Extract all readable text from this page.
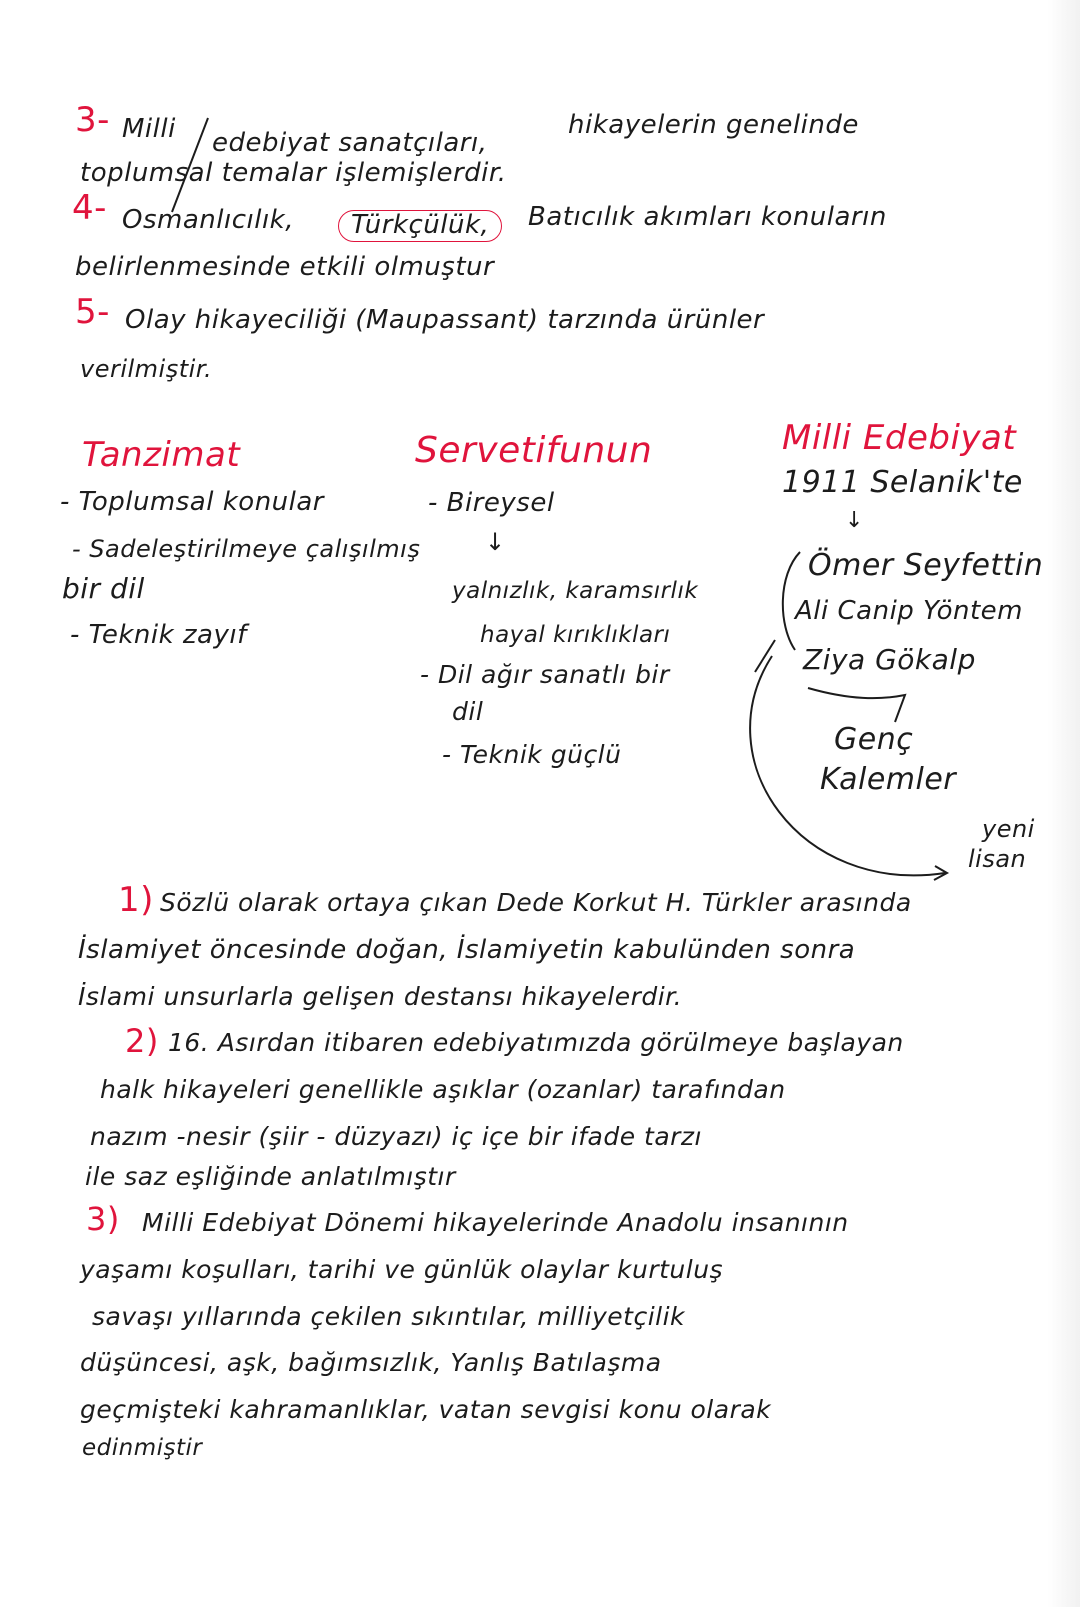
3- Milli edebiyat sanatçıları,
hikayelerin genelinde
toplumsal temalar işlemişlerdir.
4- Osmanlıcılık,	Türkçülük,	Batıcılık akımları konuların
belirlenmesinde etkili olmuştur
5- Olay hikayeciliği (Maupassant) tarzında ürünler
verilmiştir.
Tanzimat
- Toplumsal konular
- Sadeleştirilmeye çalışılmış
bir dil
- Teknik zayıf
Servetifunun
- Bireysel
↓
yalnızlık, karamsırlık
hayal kırıklıkları
- Dil ağır sanatlı bir
dil
- Teknik güçlü
Milli Edebiyat
1911 Selanik'te
↓
Ömer Seyfettin
Ali Canip Yöntem
Ziya Gökalp
Genç
Kalemler
yeni
lisan
1) Sözlü olarak ortaya çıkan Dede Korkut H. Türkler arasında
İslamiyet öncesinde doğan, İslamiyetin kabulünden sonra
İslami unsurlarla gelişen destansı hikayelerdir.
2) 16. Asırdan itibaren edebiyatımızda görülmeye başlayan
halk hikayeleri genellikle aşıklar (ozanlar) tarafından
nazım -nesir (şiir - düzyazı) iç içe bir ifade tarzı
ile saz eşliğinde anlatılmıştır
3) Milli Edebiyat Dönemi hikayelerinde Anadolu insanının
yaşamı koşulları, tarihi ve günlük olaylar kurtuluş
savaşı yıllarında çekilen sıkıntılar, milliyetçilik
düşüncesi, aşk, bağımsızlık, Yanlış Batılaşma
geçmişteki kahramanlıklar, vatan sevgisi konu olarak
edinmiştir
